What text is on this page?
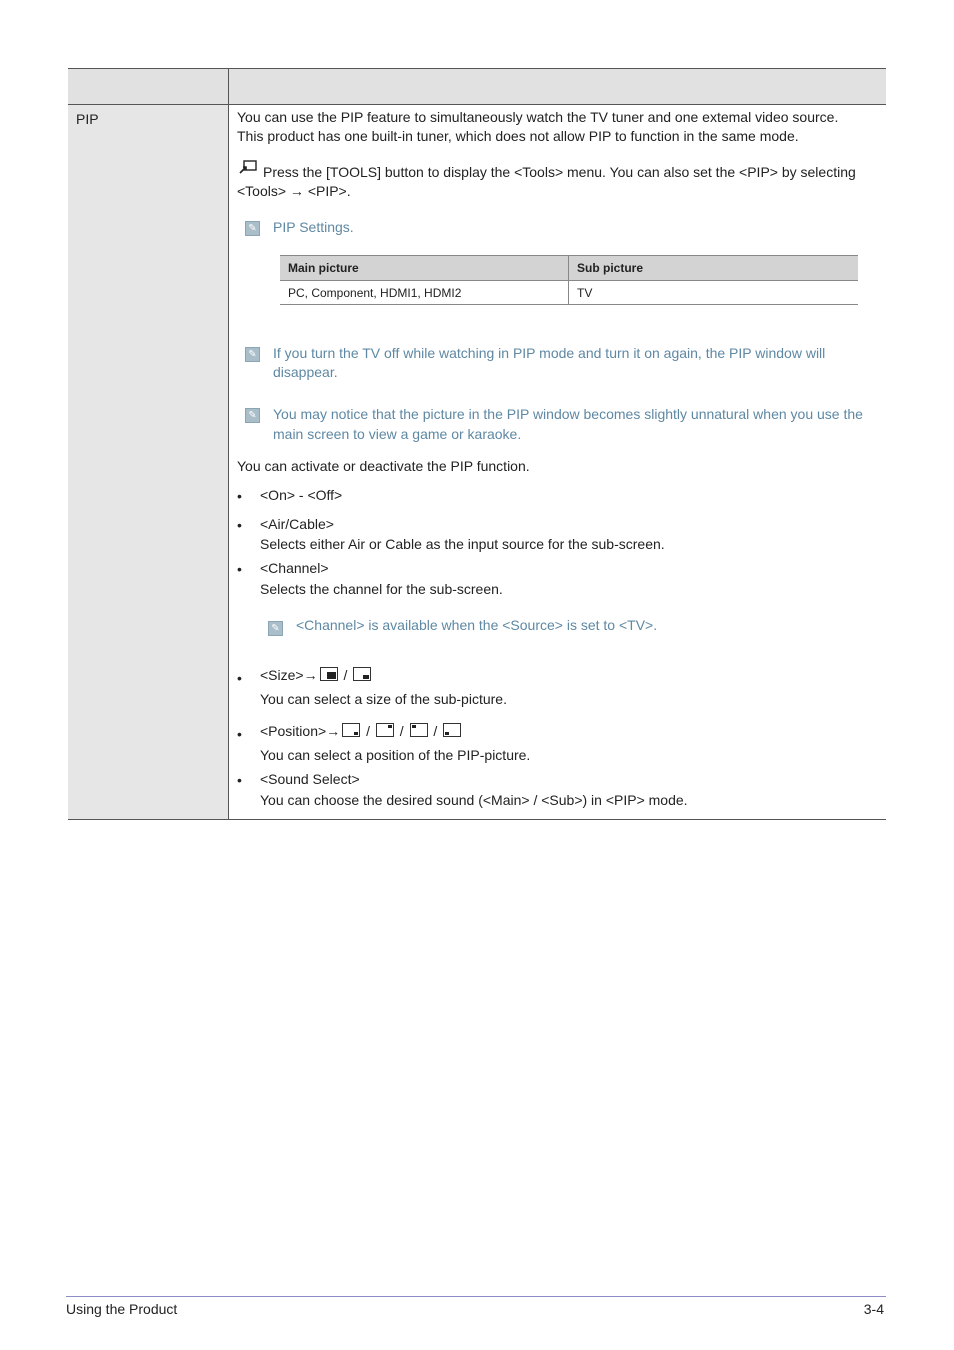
PIP	You can use the PIP feature to simultaneously watch the TV tuner and one extemal video source.
This product has one built-in tuner, which does not allow PIP to function in the same mode.
Press the [TOOLS] button to display the <Tools> menu. You can also set the <PIP> by selecting
<Tools> → <PIP>.
✎ PIP Settings.
Main picture	Sub picture
PC, Component, HDMI1, HDMI2	TV
✎ If you turn the TV off while watching in PIP mode and turn it on again, the PIP window will
disappear.
✎ You may notice that the picture in the PIP window becomes slightly unnatural when you use the
main screen to view a game or karaoke.
You can activate or deactivate the PIP function.
• <On> - <Off>
• <Air/Cable>
Selects either Air or Cable as the input source for the sub-screen.
• <Channel>
Selects the channel for the sub-screen.
✎ <Channel> is available when the <Source> is set to <TV>.
• <Size>→ /
You can select a size of the sub-picture.
• <Position>→ / / /
You can select a position of the PIP-picture.
• <Sound Select>
You can choose the desired sound (<Main> / <Sub>) in <PIP> mode.
Using the Product	3-4
